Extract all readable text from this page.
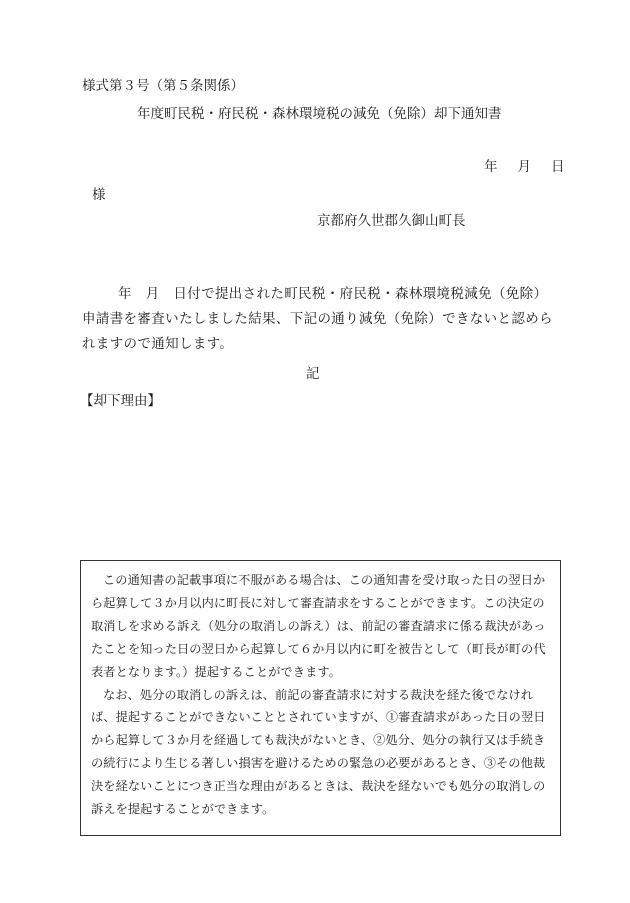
様式第３号（第５条関係）
年度町民税・府民税・森林環境税の減免（免除）却下通知書
年 月 日
様
京都府久世郡久御山町長
年　月　日付で提出された町民税・府民税・森林環境税減免（免除）申請書を審査いたしました結果、下記の通り減免（免除）できないと認められますので通知します。
記
【却下理由】

この通知書の記載事項に不服がある場合は、この通知書を受け取った日の翌日から起算して３か月以内に町長に対して審査請求をすることができます。この決定の取消しを求める訴え（処分の取消しの訴え）は、前記の審査請求に係る裁決があったことを知った日の翌日から起算して６か月以内に町を被告として（町長が町の代表者となります。）提起することができます。

なお、処分の取消しの訴えは、前記の審査請求に対する裁決を経た後でなければ、提起することができないこととされていますが、①審査請求があった日の翌日から起算して３か月を経過しても裁決がないとき、②処分、処分の執行又は手続きの続行により生じる著しい損害を避けるための緊急の必要があるとき、③その他裁決を経ないことにつき正当な理由があるときは、裁決を経ないでも処分の取消しの訴えを提起することができます。
